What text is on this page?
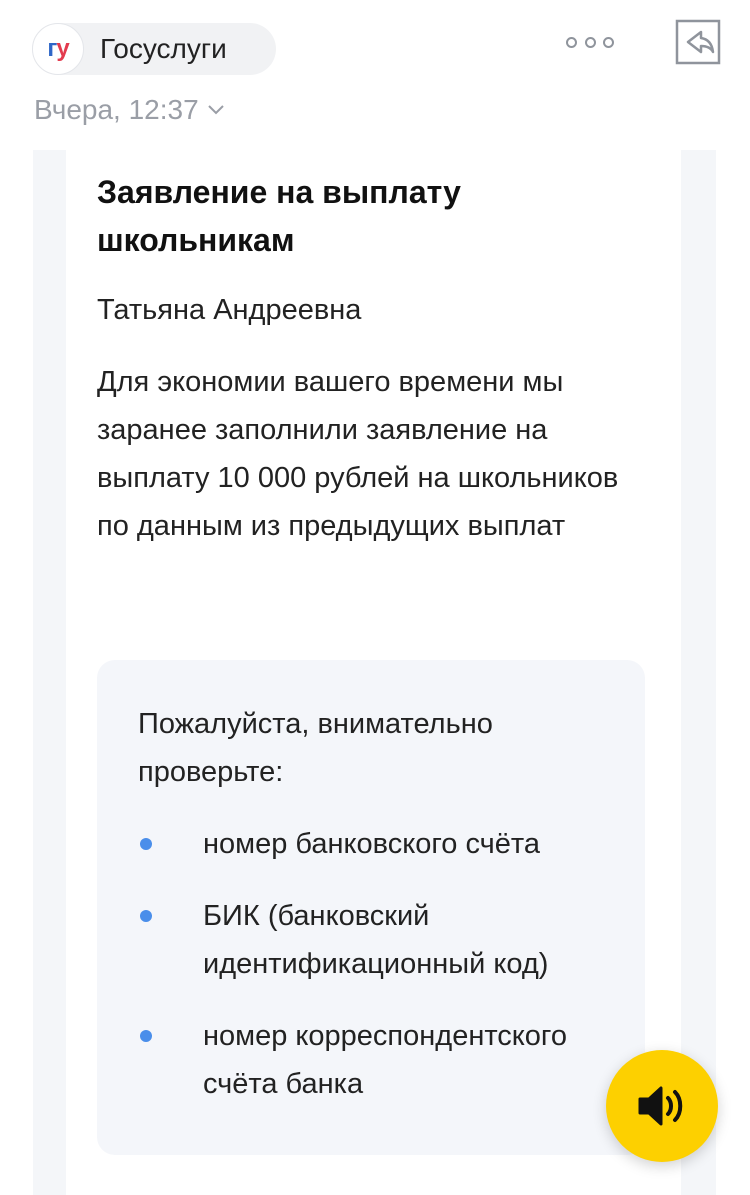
г у Госуслуги
Вчера, 12:37
Заявление на выплату школьникам

Татьяна Андреевна

Для экономии вашего времени мы заранее заполнили заявление на выплату 10 000 рублей на школьников по данным из предыдущих выплат

Пожалуйста, внимательно проверьте:

номер банковского счёта
БИК (банковский идентификационный код)
номер корреспондентского счёта банка
